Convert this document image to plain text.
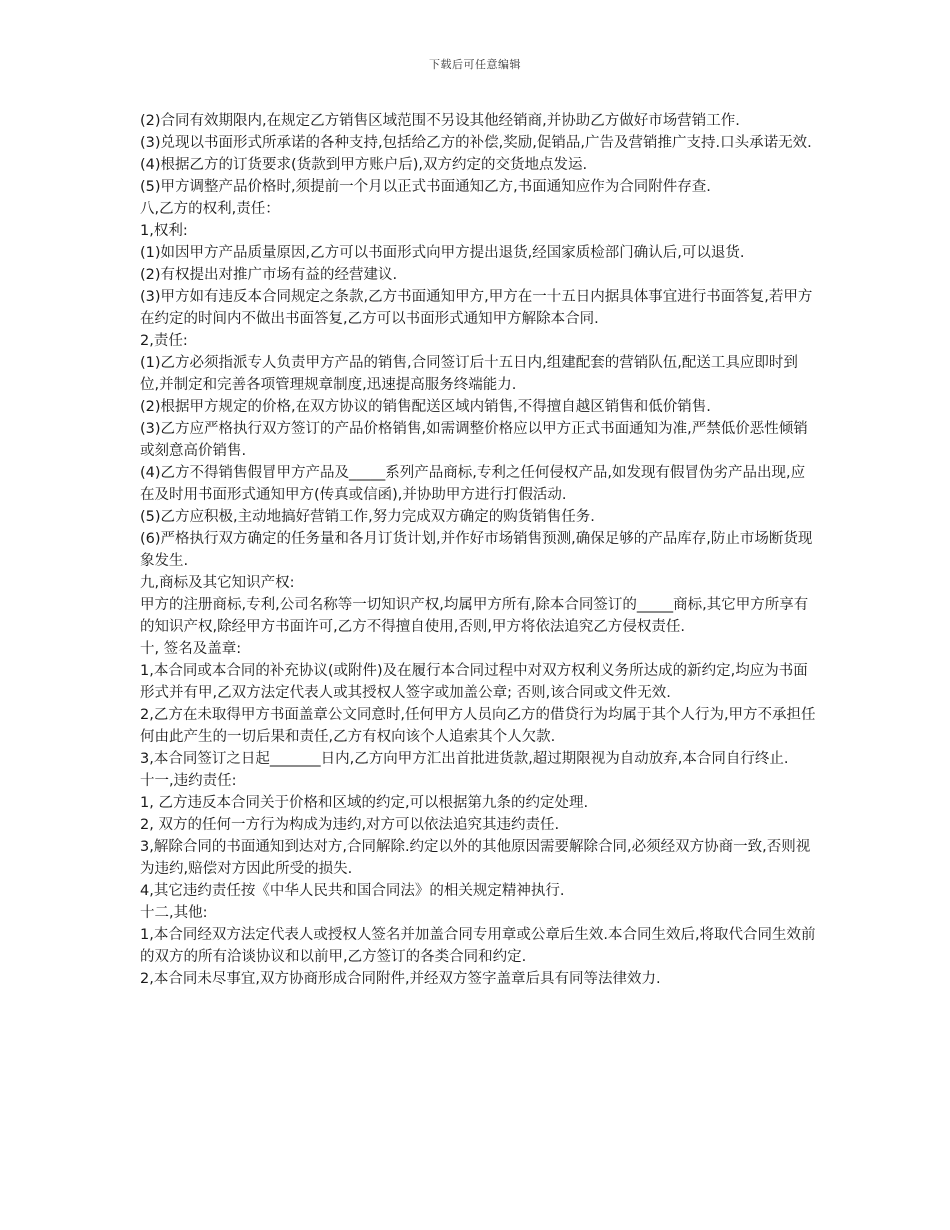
下载后可任意编辑

(2)合同有效期限内,在规定乙方销售区域范围不另设其他经销商,并协助乙方做好市场营销工作.

(3)兑现以书面形式所承诺的各种支持,包括给乙方的补偿,奖励,促销品,广告及营销推广支持.口头承诺无效.

(4)根据乙方的订货要求(货款到甲方账户后),双方约定的交货地点发运.

(5)甲方调整产品价格时,须提前一个月以正式书面通知乙方,书面通知应作为合同附件存查.

八,乙方的权利,责任：

1,权利:

(1)如因甲方产品质量原因,乙方可以书面形式向甲方提出退货,经国家质检部门确认后,可以退货.

(2)有权提出对推广市场有益的经营建议.

(3)甲方如有违反本合同规定之条款,乙方书面通知甲方,甲方在一十五日内据具体事宜进行书面答复,若甲方在约定的时间内不做出书面答复,乙方可以书面形式通知甲方解除本合同.

2,责任:

(1)乙方必须指派专人负责甲方产品的销售,合同签订后十五日内,组建配套的营销队伍,配送工具应即时到位,并制定和完善各项管理规章制度,迅速提高服务终端能力.

(2)根据甲方规定的价格,在双方协议的销售配送区域内销售,不得擅自越区销售和低价销售.

(3)乙方应严格执行双方签订的产品价格销售,如需调整价格应以甲方正式书面通知为准,严禁低价恶性倾销或刻意高价销售.

(4)乙方不得销售假冒甲方产品及_____系列产品商标,专利之任何侵权产品,如发现有假冒伪劣产品出现,应在及时用书面形式通知甲方(传真或信函),并协助甲方进行打假活动.

(5)乙方应积极,主动地搞好营销工作,努力完成双方确定的购货销售任务.

(6)严格执行双方确定的任务量和各月订货计划,并作好市场销售预测,确保足够的产品库存,防止市场断货现象发生.

九,商标及其它知识产权:

甲方的注册商标,专利,公司名称等一切知识产权,均属甲方所有,除本合同签订的_____商标,其它甲方所享有的知识产权,除经甲方书面许可,乙方不得擅自使用,否则,甲方将依法追究乙方侵权责任.

十, 签名及盖章:

1,本合同或本合同的补充协议(或附件)及在履行本合同过程中对双方权利义务所达成的新约定,均应为书面形式并有甲,乙双方法定代表人或其授权人签字或加盖公章; 否则,该合同或文件无效.

2,乙方在未取得甲方书面盖章公文同意时,任何甲方人员向乙方的借贷行为均属于其个人行为,甲方不承担任何由此产生的一切后果和责任,乙方有权向该个人追索其个人欠款.

3,本合同签订之日起_______日内,乙方向甲方汇出首批进货款,超过期限视为自动放弃,本合同自行终止.

十一,违约责任:

1, 乙方违反本合同关于价格和区域的约定,可以根据第九条的约定处理.

2, 双方的任何一方行为构成为违约,对方可以依法追究其违约责任.

3,解除合同的书面通知到达对方,合同解除.约定以外的其他原因需要解除合同,必须经双方协商一致,否则视为违约,赔偿对方因此所受的损失.

4,其它违约责任按《中华人民共和国合同法》的相关规定精神执行.

十二,其他:

1,本合同经双方法定代表人或授权人签名并加盖合同专用章或公章后生效.本合同生效后,将取代合同生效前的双方的所有洽谈协议和以前甲,乙方签订的各类合同和约定.

2,本合同未尽事宜,双方协商形成合同附件,并经双方签字盖章后具有同等法律效力.
